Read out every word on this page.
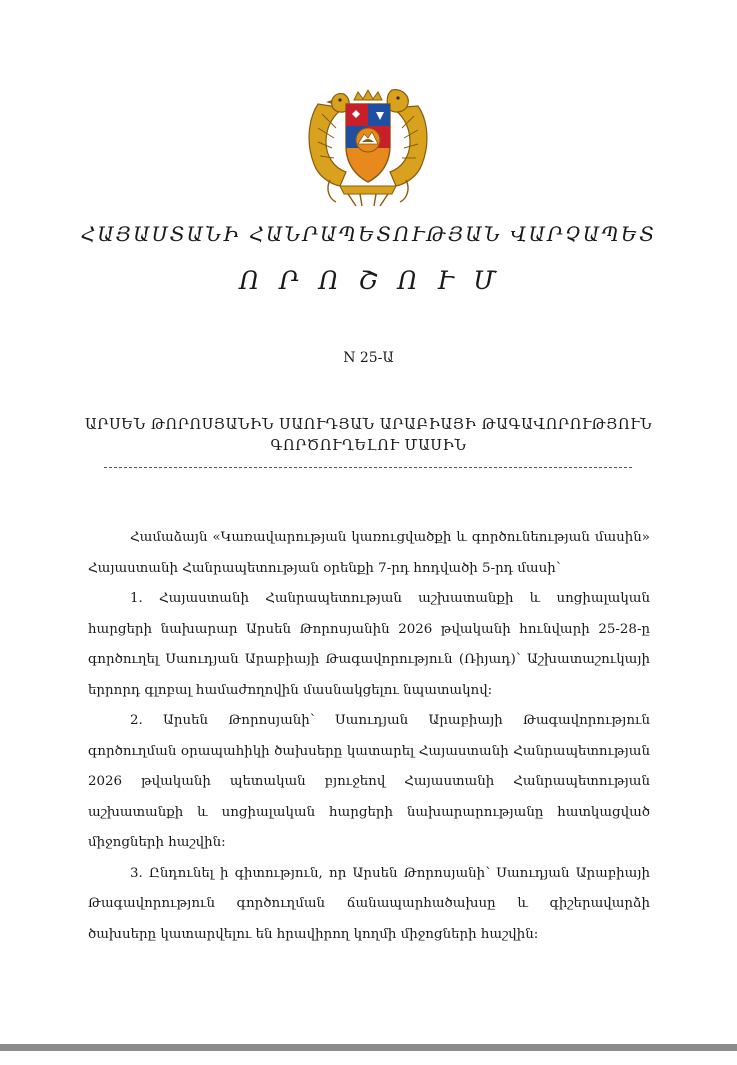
ՀԱՅԱՍՏԱՆԻ ՀԱՆՐԱՊԵՏՈՒԹՅԱՆ ՎԱՐՉԱՊԵՏ
ՈՐՈՇՈՒՄ
N 25-Ա
ԱՐՍԵՆ ԹՈՐՈՍՅԱՆԻՆ ՍԱՈՒԴՅԱՆ ԱՐԱԲԻԱՅԻ ԹԱԳԱՎՈՐՈՒԹՅՈՒՆ
ԳՈՐԾՈՒՂԵԼՈՒ ՄԱՍԻՆ

Համաձայն «Կառավարության կառուցվածքի և գործունեության մասին» Հայաստանի Հանրապետության օրենքի 7-րդ հոդվածի 5-րդ մասի՝

1. Հայաստանի Հանրապետության աշխատանքի և սոցիալական հարցերի նախարար Արսեն Թորոսյանին 2026 թվականի հունվարի 25-28-ը գործուղել Սաուդյան Արաբիայի Թագավորություն (Ռիյադ)՝ Աշխատաշուկայի երրորդ գլոբալ համաժողովին մասնակցելու նպատակով:

2. Արսեն Թորոսյանի՝ Սաուդյան Արաբիայի Թագավորություն գործուղման օրապահիկի ծախսերը կատարել Հայաստանի Հանրապետության 2026 թվականի պետական բյուջեով Հայաստանի Հանրապետության աշխատանքի և սոցիալական հարցերի նախարարությանը հատկացված միջոցների հաշվին:

3. Ընդունել ի գիտություն, որ Արսեն Թորոսյանի՝ Սաուդյան Արաբիայի Թագավորություն գործուղման ճանապարհածախսը և գիշերավարձի ծախսերը կատարվելու են հրավիրող կողմի միջոցների հաշվին:
